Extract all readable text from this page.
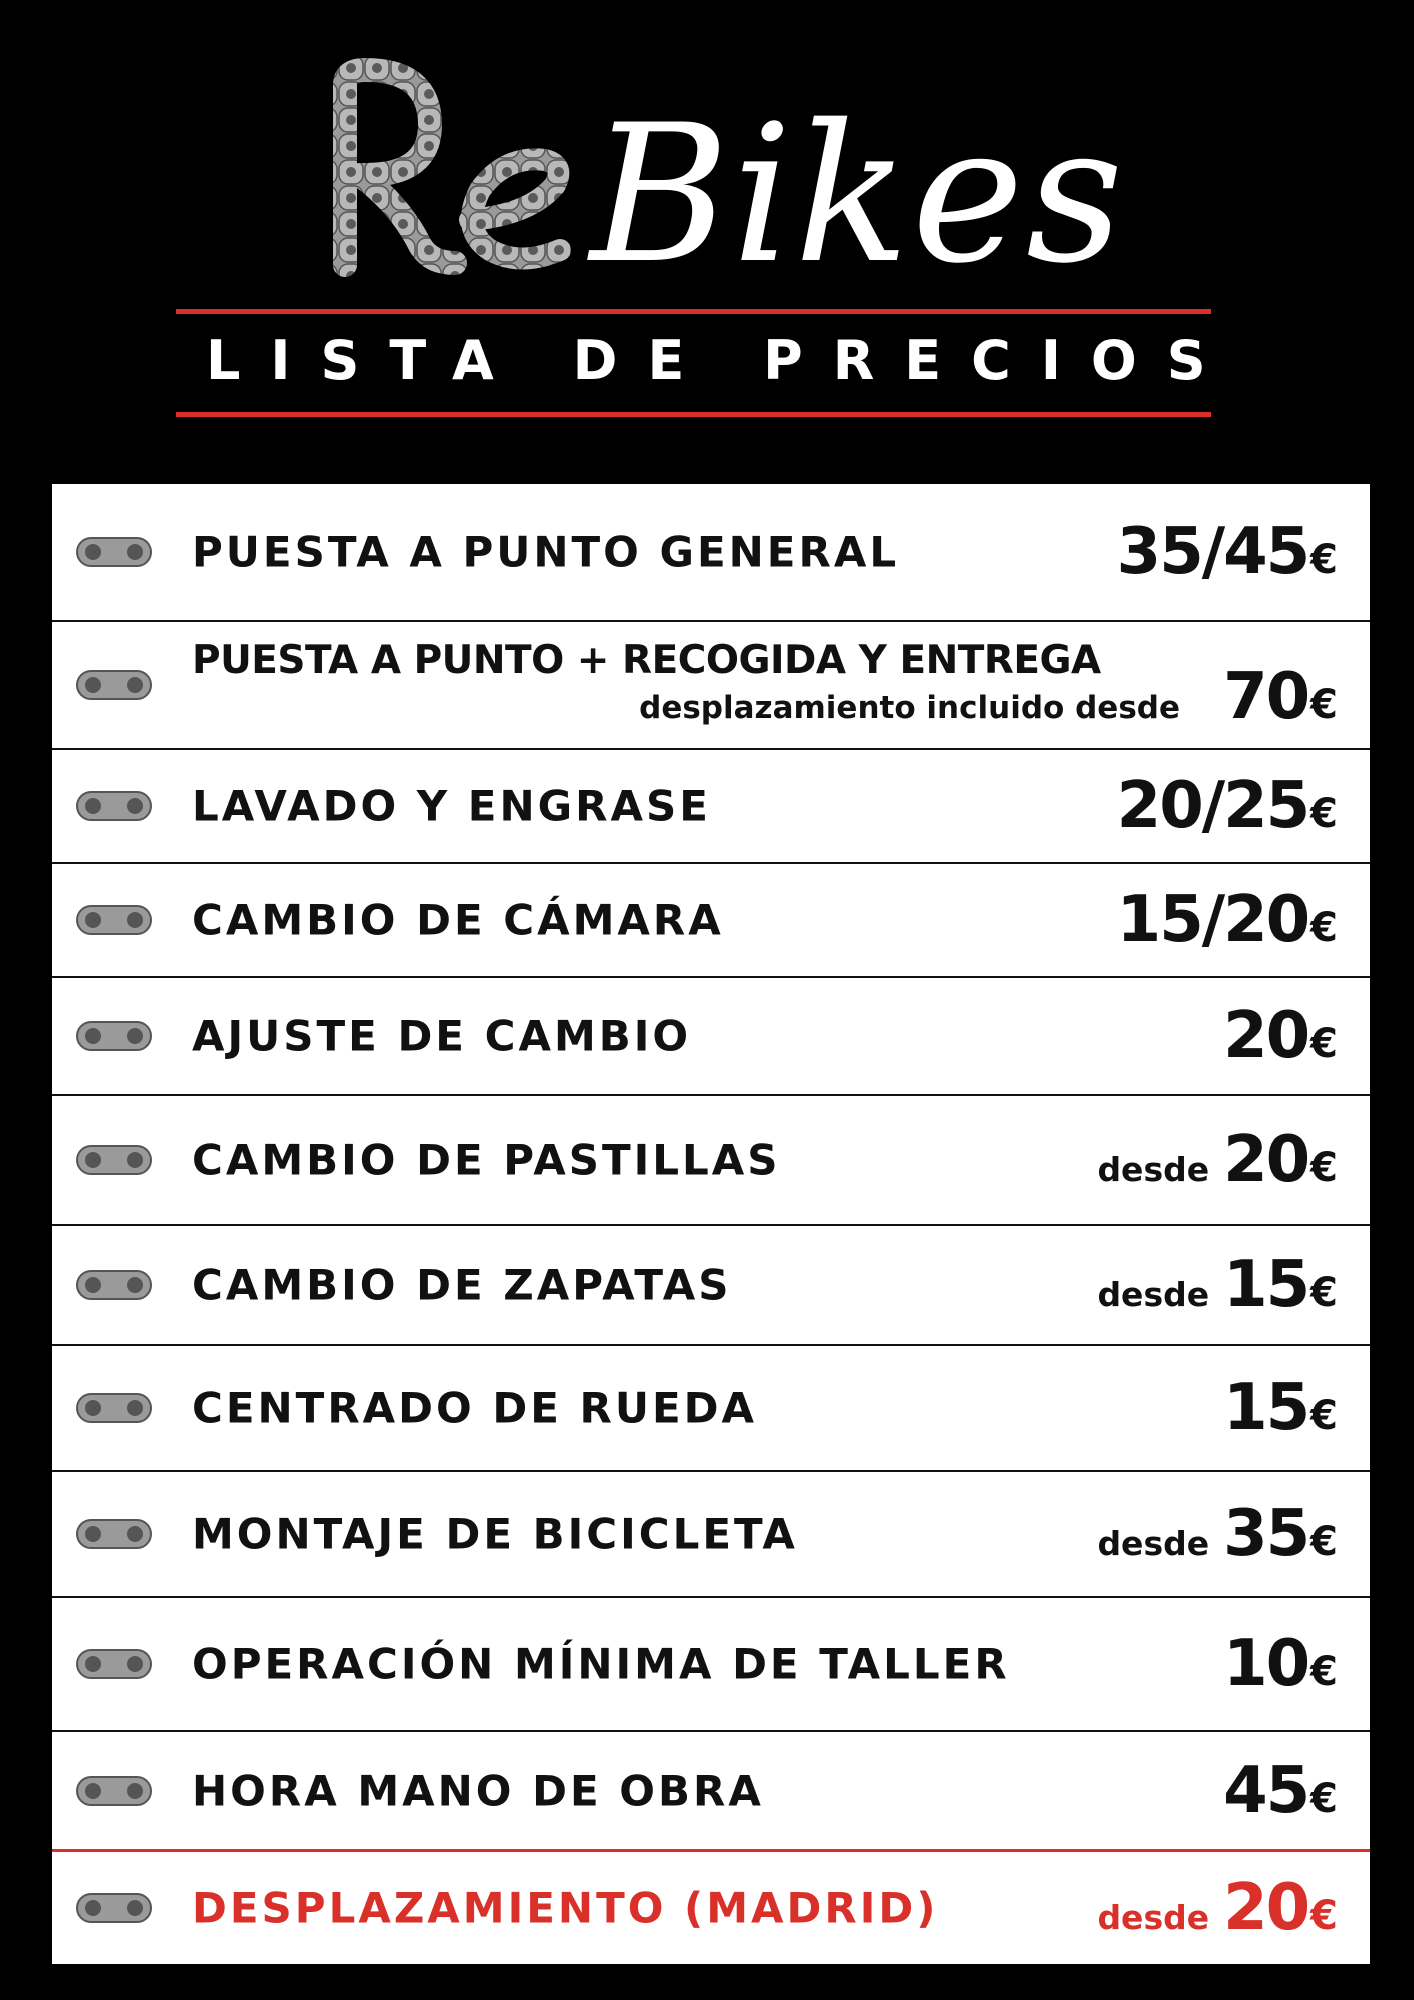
Bikes
LISTA DE PRECIOS
PUESTA A PUNTO GENERAL	35/45 €
PUESTA A PUNTO + RECOGIDA Y ENTREGA
desplazamiento incluido desde 70 €
LAVADO Y ENGRASE	20/25 €
CAMBIO DE CÁMARA	15/20 €
AJUSTE DE CAMBIO	20 €
CAMBIO DE PASTILLAS	desde 20 €
CAMBIO DE ZAPATAS	desde 15 €
CENTRADO DE RUEDA	15 €
MONTAJE DE BICICLETA	desde 35 €
OPERACIÓN MÍNIMA DE TALLER	10 €
HORA MANO DE OBRA	45 €
DESPLAZAMIENTO (MADRID)	desde 20 €
